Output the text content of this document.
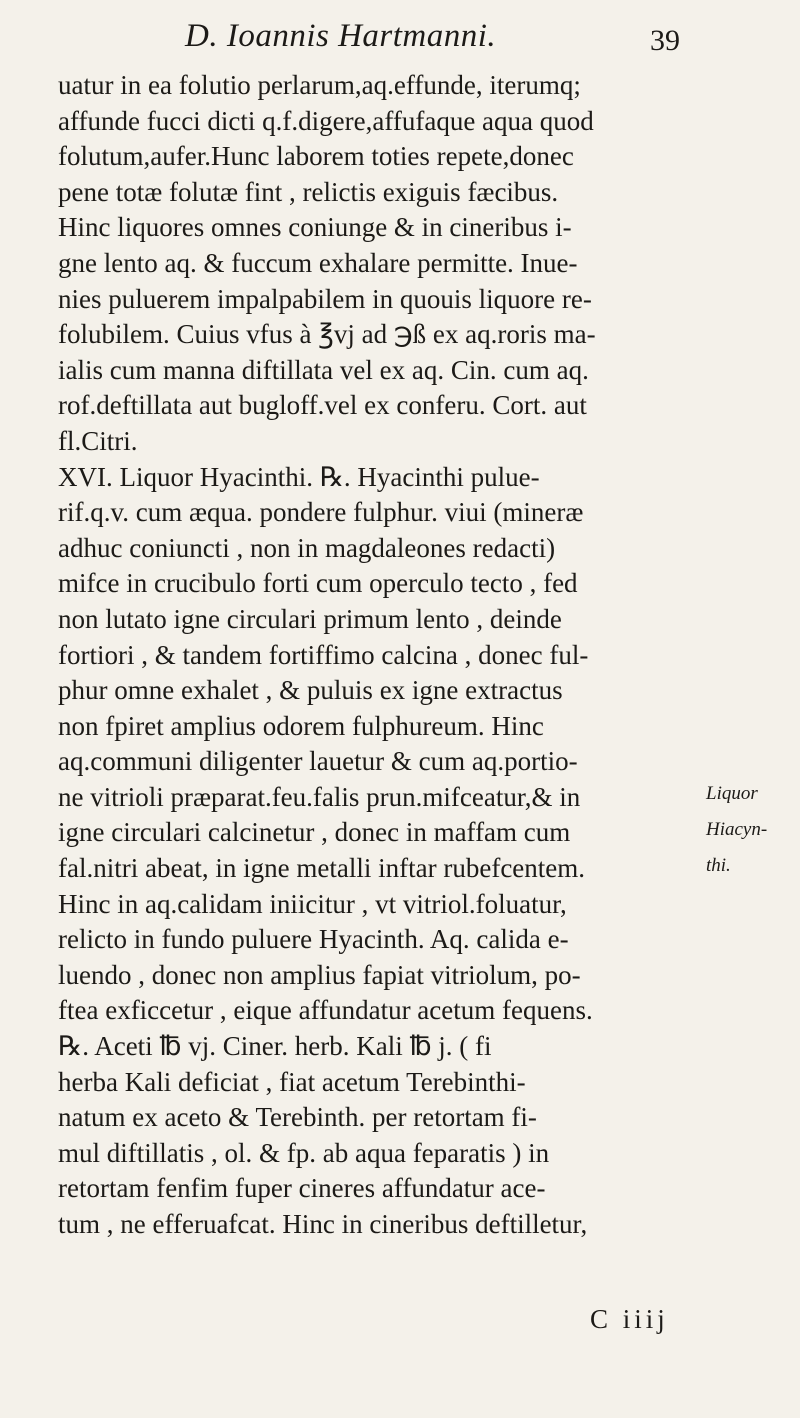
D. Ioannis Hartmanni.	39
uatur in ea folutio perlarum,aq.effunde, iterumq;
affunde fucci dicti q.f.digere,affufaque aqua quod
folutum,aufer.Hunc laborem toties repete,donec
pene totæ folutæ fint , relictis exiguis fæcibus.
Hinc liquores omnes coniunge & in cineribus i-
gne lento aq. & fuccum exhalare permitte. Inue-
nies puluerem impalpabilem in quouis liquore re-
folubilem. Cuius vfus à ℥vj ad ℈ß ex aq.roris ma-
ialis cum manna diftillata vel ex aq. Cin. cum aq.
rof.deftillata aut bugloff.vel ex conferu. Cort. aut
fl.Citri.
XVI. Liquor Hyacinthi. ℞. Hyacinthi pulue-
rif.q.v. cum æqua. pondere fulphur. viui (mineræ
adhuc coniuncti , non in magdaleones redacti)
mifce in crucibulo forti cum operculo tecto , fed
non lutato igne circulari primum lento , deinde
fortiori , & tandem fortiffimo calcina , donec ful-
phur omne exhalet , & puluis ex igne extractus
non fpiret amplius odorem fulphureum. Hinc
aq.communi diligenter lauetur & cum aq.portio-
ne vitrioli præparat.feu.falis prun.mifceatur,& in
igne circulari calcinetur , donec in maffam cum
fal.nitri abeat, in igne metalli inftar rubefcentem.
Hinc in aq.calidam iniicitur , vt vitriol.foluatur,
relicto in fundo puluere Hyacinth. Aq. calida e-
luendo , donec non amplius fapiat vitriolum, po-
ftea exficcetur , eique affundatur acetum fequens.
℞. Aceti ℔ vj. Ciner. herb. Kali ℔ j. ( fi
herba Kali deficiat , fiat acetum Terebinthi-
natum ex aceto & Terebinth. per retortam fi-
mul diftillatis , ol. & fp. ab aqua feparatis ) in
retortam fenfim fuper cineres affundatur ace-
tum , ne efferuafcat. Hinc in cineribus deftilletur,
Liquor
Hiacyn-
thi.
C iiij
